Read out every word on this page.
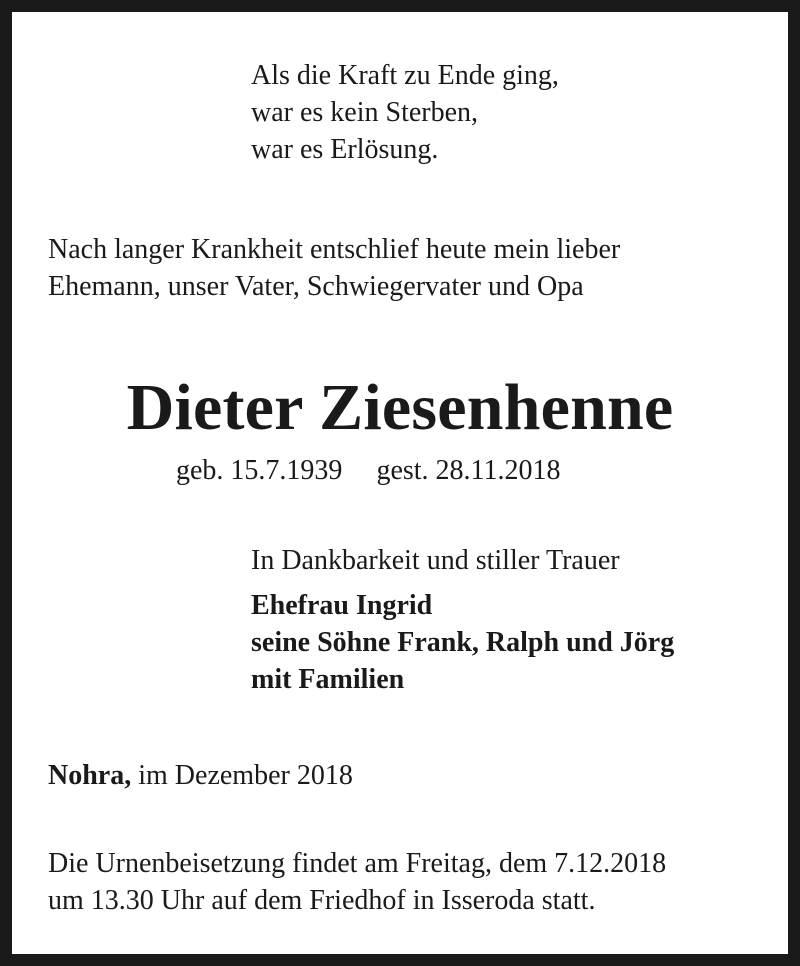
Als die Kraft zu Ende ging,
war es kein Sterben,
war es Erlösung.
Nach langer Krankheit entschlief heute mein lieber
Ehemann, unser Vater, Schwiegervater und Opa
Dieter Ziesenhenne
geb. 15.7.1939 gest. 28.11.2018
In Dankbarkeit und stiller Trauer
Ehefrau Ingrid
seine Söhne Frank, Ralph und Jörg
mit Familien
Nohra, im Dezember 2018
Die Urnenbeisetzung findet am Freitag, dem 7.12.2018
um 13.30 Uhr auf dem Friedhof in Isseroda statt.
